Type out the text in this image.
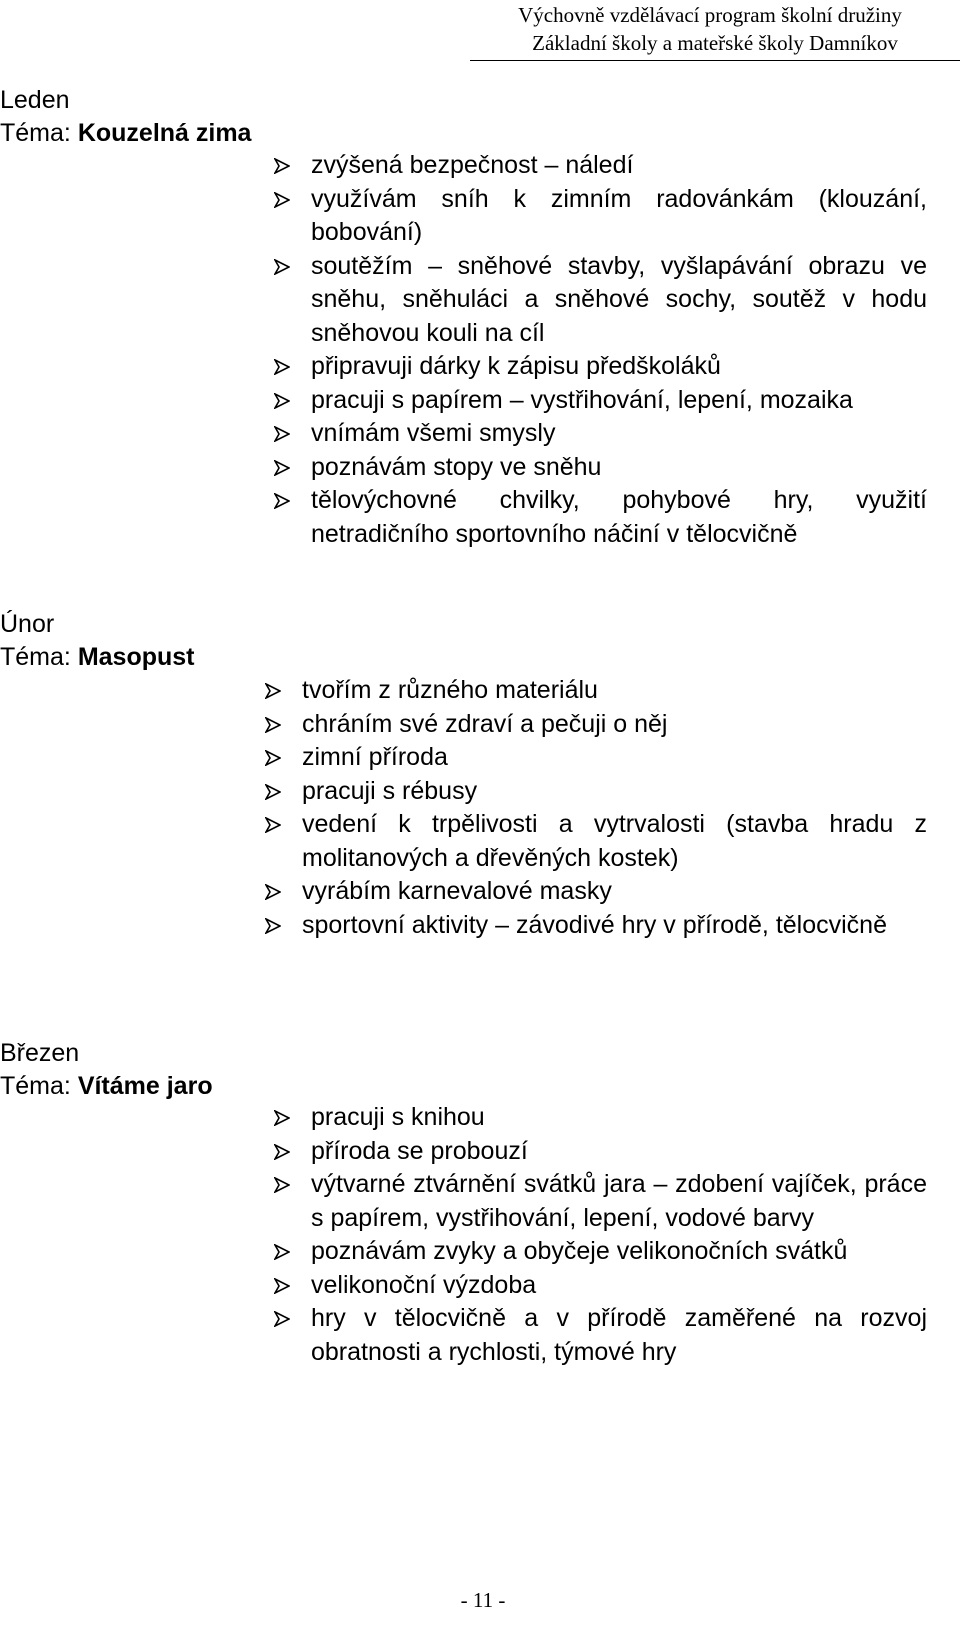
Výchovně vzdělávací program školní družiny
Základní školy a mateřské školy Damníkov
Leden
Téma: Kouzelná zima
zvýšená bezpečnost – náledí
využívám sníh k zimním radovánkám (klouzání, bobování)
soutěžím – sněhové stavby, vyšlapávání obrazu ve sněhu, sněhuláci a sněhové sochy, soutěž v hodu sněhovou kouli na cíl
připravuji dárky k zápisu předškoláků
pracuji s papírem – vystřihování, lepení, mozaika
vnímám všemi smysly
poznávám stopy ve sněhu
tělovýchovné chvilky, pohybové hry, využití netradičního sportovního náčiní v tělocvičně
Únor
Téma: Masopust
tvořím z různého materiálu
chráním své zdraví a pečuji o něj
zimní příroda
pracuji s rébusy
vedení k trpělivosti a vytrvalosti (stavba hradu z molitanových a dřevěných kostek)
vyrábím karnevalové masky
sportovní aktivity – závodivé hry v přírodě, tělocvičně
Březen
Téma: Vítáme jaro
pracuji s knihou
příroda se probouzí
výtvarné ztvárnění svátků jara – zdobení vajíček, práce s papírem, vystřihování, lepení, vodové barvy
poznávám zvyky a obyčeje velikonočních svátků
velikonoční výzdoba
hry v tělocvičně a v přírodě zaměřené na rozvoj obratnosti a rychlosti, týmové hry
- 11 -
